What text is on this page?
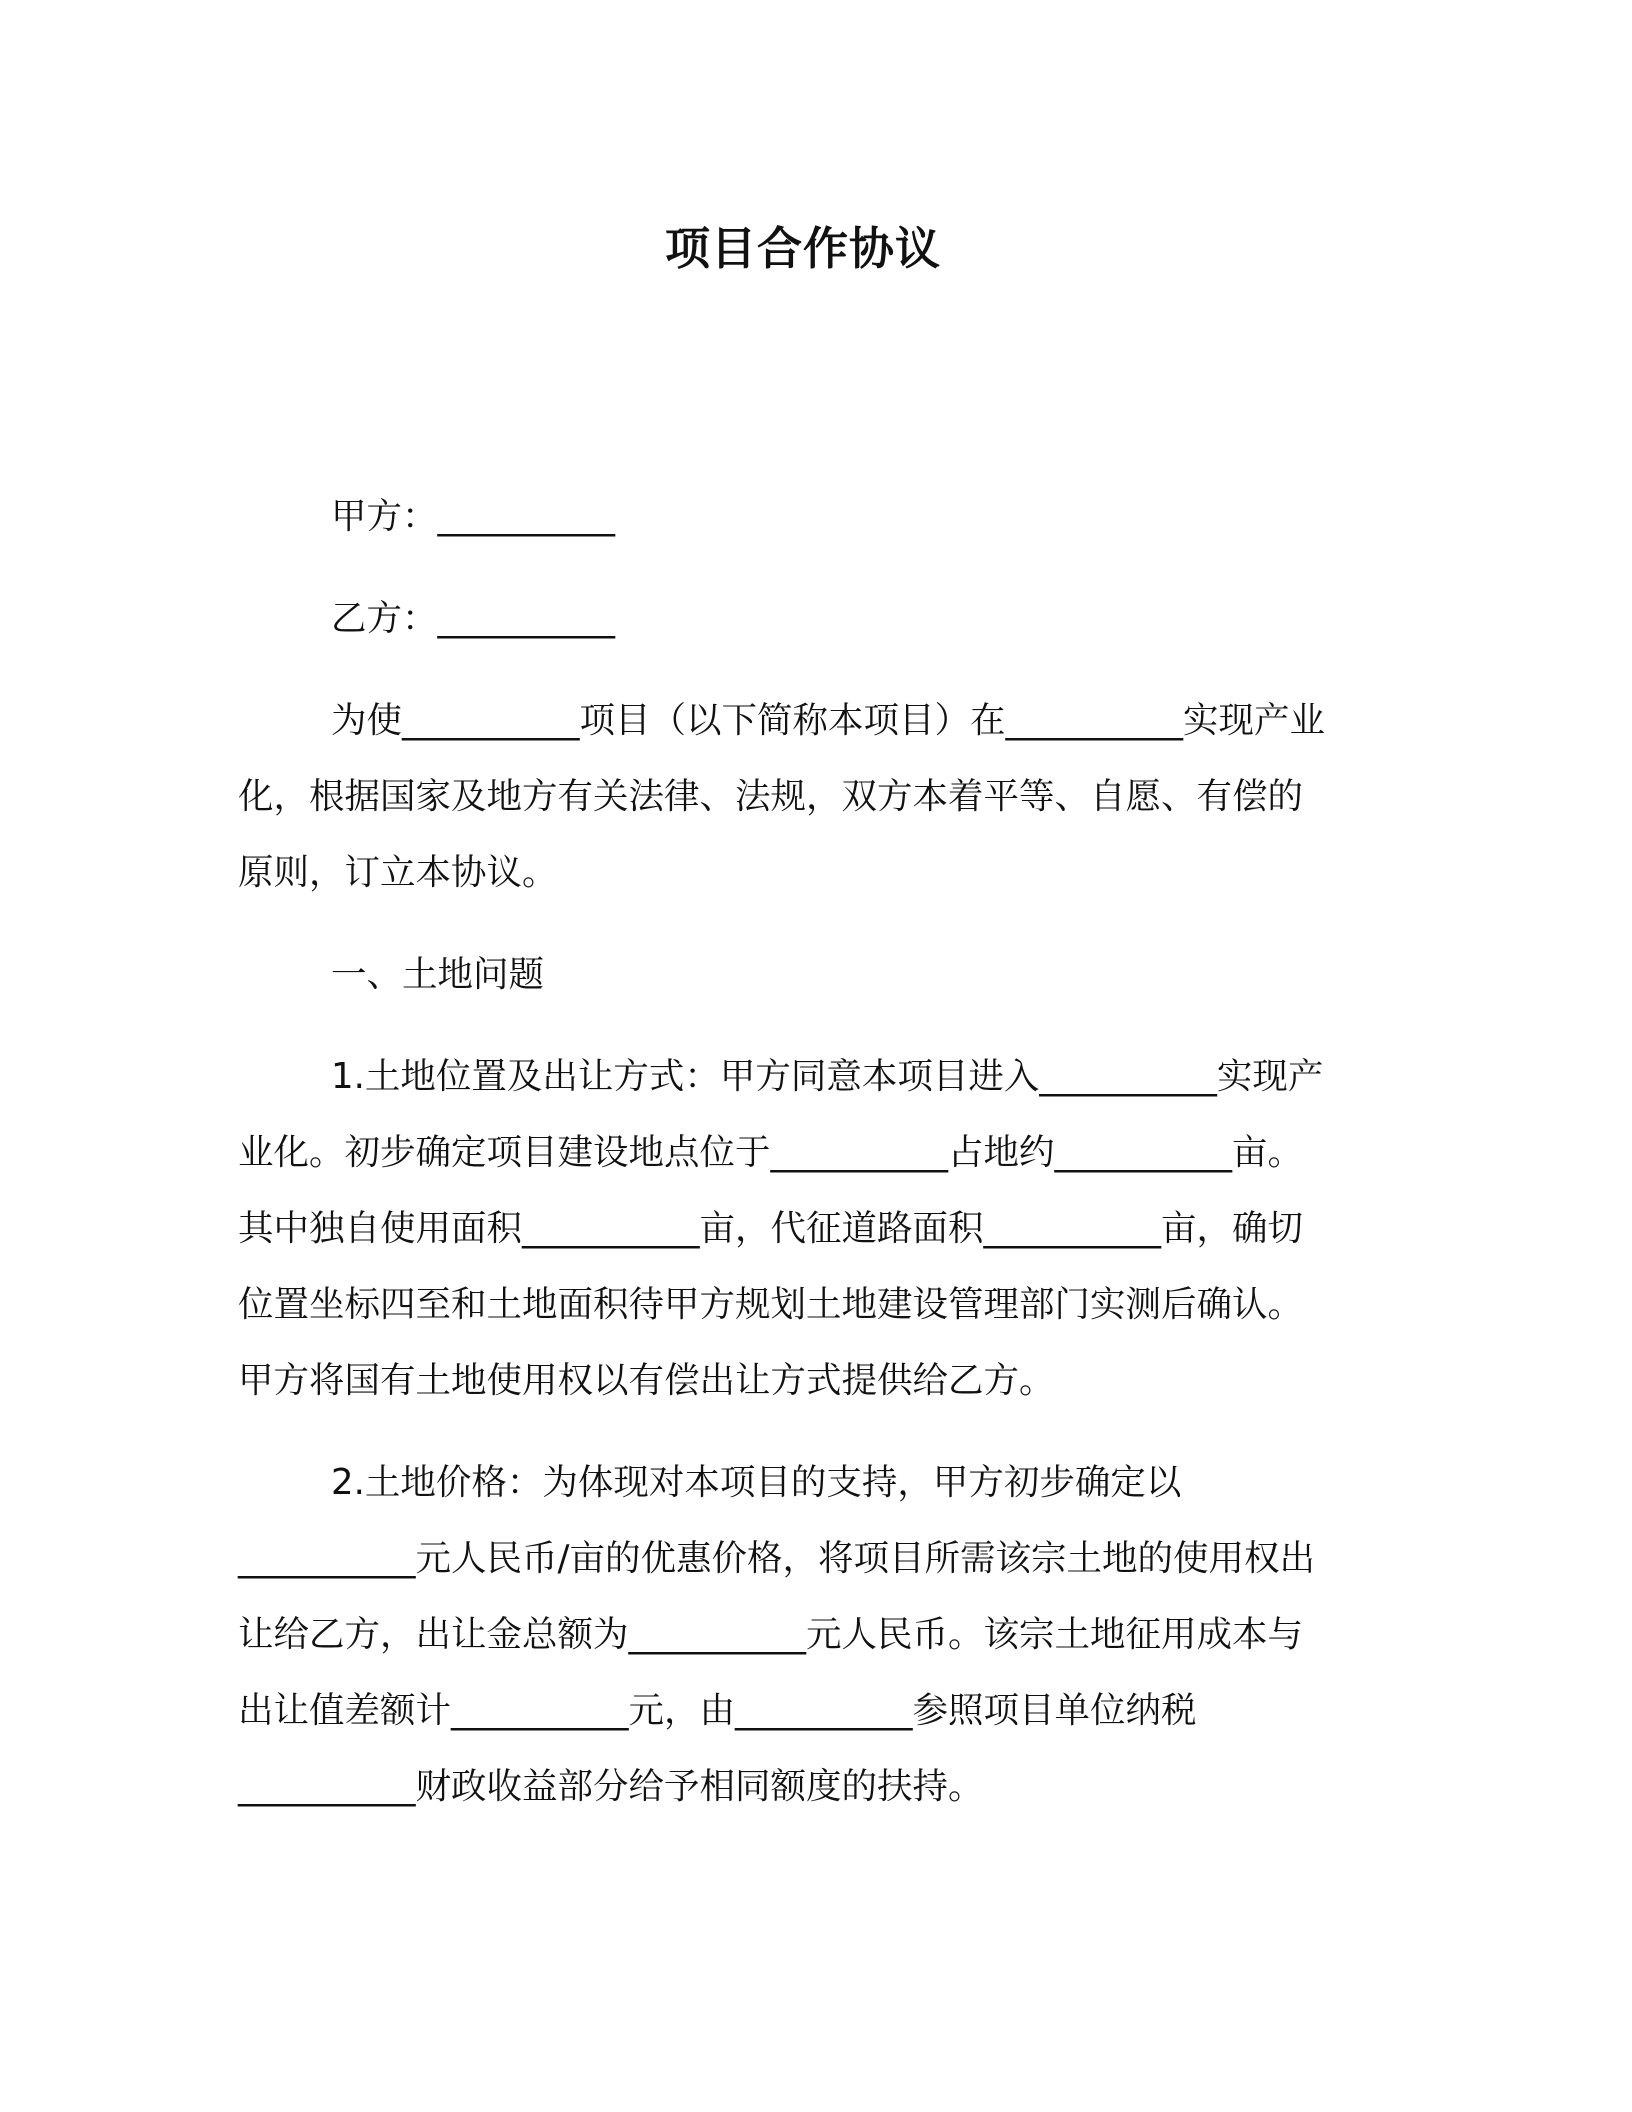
项目合作协议
甲方：__________
乙方：__________
为使__________项目（以下简称本项目）在__________实现产业
化，根据国家及地方有关法律、法规，双方本着平等、自愿、有偿的
原则，订立本协议。
一、土地问题
1.土地位置及出让方式：甲方同意本项目进入__________实现产
业化。初步确定项目建设地点位于__________占地约__________亩。
其中独自使用面积__________亩，代征道路面积__________亩，确切
位置坐标四至和土地面积待甲方规划土地建设管理部门实测后确认。
甲方将国有土地使用权以有偿出让方式提供给乙方。
2.土地价格：为体现对本项目的支持，甲方初步确定以
__________元人民币/亩的优惠价格，将项目所需该宗土地的使用权出
让给乙方，出让金总额为__________元人民币。该宗土地征用成本与
出让值差额计__________元，由__________参照项目单位纳税
__________财政收益部分给予相同额度的扶持。
